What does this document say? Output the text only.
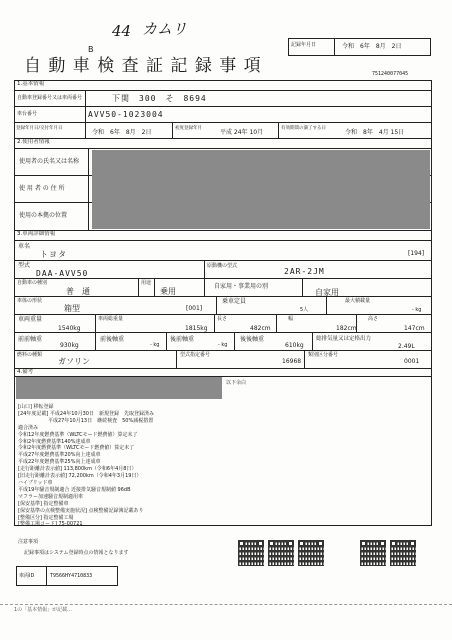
44 カムリ
B
自 動 車 検 査 証 記 録 事 項
記録年月日	令和　6年　8月　2日
751240077045
1.基本情報
自動車登録番号又は車両番号	下関　300　そ　8694
車台番号	AVV50-1023004
登録年月日/交付年月日
令和　6年　8月　2日
初度登録年月
平成 24年 10月
有効期間の満了する日
令和　8年　4月 15日
2.使用者情報
使用者の氏名又は名称
使 用 者 の 住 所
使用の本拠の位置
3.車両詳細情報
車名
トヨタ	[194]
型式
DAA-AVV50
原動機の型式
2AR-2JM
自動車の種別
普　通
用途
乗用
自家用・事業用の別
自家用
車体の形状
箱型	[001]
乗車定員
5人
最大積載量
- kg
車両重量
1540kg
車両総重量
1815kg
長さ
482cm
幅
182cm
高さ
147cm
前前軸重
930kg
前後軸重
- kg
後前軸重
- kg
後後軸重
610kg
総排気量又は定格出力
2.49L
燃料の種類
ガソリン
型式指定番号
16968
類別区分番号
0001
4.備考
以下余白
[山口] 移転登録
[24年度記載] 平成24年10月30日　新規登録　先取登録済み
　　　　　　平成27年10月13日　継続検査　50%減税措置
適合済み
令和12年度燃費基準（WLTCモード燃費値）算定未了
令和2年度燃費基準140%達成車
令和2年度燃費基準（WLTCモード燃費値）算定未了
平成27年度燃費基準20%向上達成車
平成22年度燃費基準25%向上達成車
[走行距離計表示値] 113,800km（令和6年4月8日）
[旧走行距離計表示値] 72,200km（令和4年3月19日）
ハイブリッド車
平成19年騒音規制適合 近接排気騒音規制値 96dB
マフラー加速騒音規制適用車
[保安基準] 指定整備車
[保安基準の点検整備実施状況] 点検整備記録簿記載あり
[整備区分] 指定整備工場
[整備工場コード] 75-00721
注意事項
記録事項はシステム登録時点の情報となります
車両ID	T9566HY4710833
1の「基本情報」が記載...
